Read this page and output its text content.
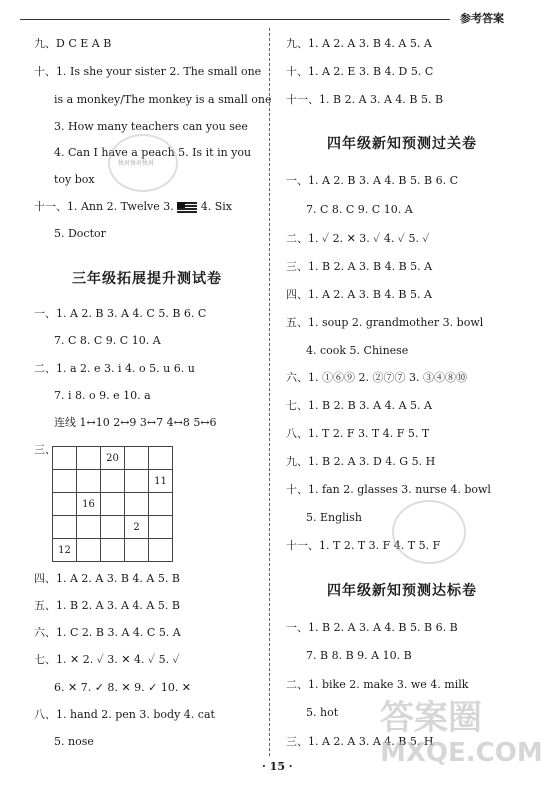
参考答案
九、D C E A B
十、1. Is she your sister 2. The small one
is a monkey/The monkey is a small one
3. How many teachers can you see
4. Can I have a peach 5. Is it in you
toy box
十一、1. Ann 2. Twelve 3. 4. Six
5. Doctor
三年级拓展提升测试卷
一、1. A 2. B 3. A 4. C 5. B 6. C
7. C 8. C 9. C 10. A
二、1. a 2. e 3. i 4. o 5. u 6. u
7. i 8. o 9. e 10. a
连线 1↔10 2↔9 3↔7 4↔8 5↔6
三、
		20		
				11
	16			
			2	
12				
四、1. A 2. A 3. B 4. A 5. B
五、1. B 2. A 3. A 4. A 5. B
六、1. C 2. B 3. A 4. C 5. A
七、1. ✕ 2. ✓ 3. ✕ 4. ✓ 5. ✓
6. ✕ 7. ✓ 8. ✕ 9. ✓ 10. ✕
八、1. hand 2. pen 3. body 4. cat
5. nose
九、1. A 2. A 3. B 4. A 5. A
十、1. A 2. E 3. B 4. D 5. C
十一、1. B 2. A 3. A 4. B 5. B
四年级新知预测过关卷
一、1. A 2. B 3. A 4. B 5. B 6. C
7. C 8. C 9. C 10. A
二、1. ✓ 2. ✕ 3. ✓ 4. ✓ 5. ✓
三、1. B 2. A 3. B 4. B 5. A
四、1. A 2. A 3. B 4. B 5. A
五、1. soup 2. grandmother 3. bowl
4. cook 5. Chinese
六、1. ①⑥⑨ 2. ②⑦⑦ 3. ③④⑧⑩
七、1. B 2. B 3. A 4. A 5. A
八、1. T 2. F 3. T 4. F 5. T
九、1. B 2. A 3. D 4. G 5. H
十、1. fan 2. glasses 3. nurse 4. bowl
5. English
十一、1. T 2. T 3. F 4. T 5. F
四年级新知预测达标卷
一、1. B 2. A 3. A 4. B 5. B 6. B
7. B 8. B 9. A 10. B
二、1. bike 2. make 3. we 4. milk
5. hot
三、1. A 2. A 3. A 4. B 5. H
快对快对快对
答案圈
MXQE.COM
· 15 ·
